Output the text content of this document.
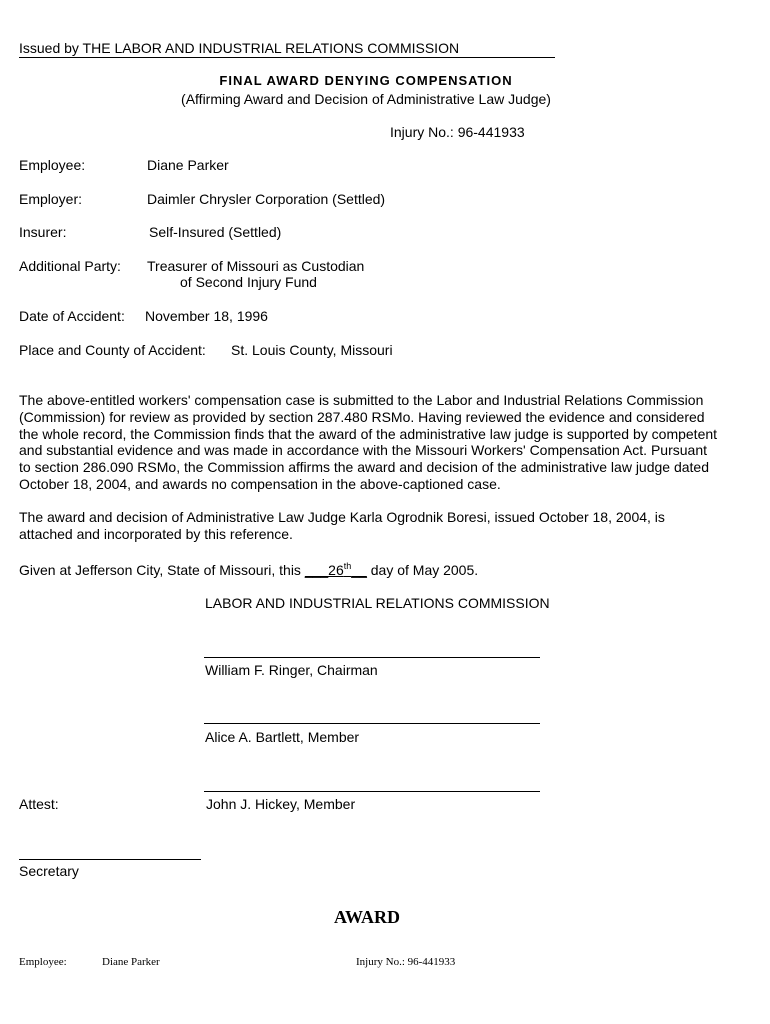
Issued by THE LABOR AND INDUSTRIAL RELATIONS COMMISSION
FINAL AWARD DENYING COMPENSATION
(Affirming Award and Decision of Administrative Law Judge)
Injury No.: 96-441933
Employee:	Diane Parker
Employer:	Daimler Chrysler Corporation (Settled)
Insurer:	Self-Insured (Settled)
Additional Party: Treasurer of Missouri as Custodian
of Second Injury Fund
Date of Accident: November 18, 1996
Place and County of Accident: St. Louis County, Missouri
The above-entitled workers' compensation case is submitted to the Labor and Industrial Relations Commission (Commission) for review as provided by section 287.480 RSMo. Having reviewed the evidence and considered the whole record, the Commission finds that the award of the administrative law judge is supported by competent and substantial evidence and was made in accordance with the Missouri Workers' Compensation Act. Pursuant to section 286.090 RSMo, the Commission affirms the award and decision of the administrative law judge dated October 18, 2004, and awards no compensation in the above-captioned case.
The award and decision of Administrative Law Judge Karla Ogrodnik Boresi, issued October 18, 2004, is attached and incorporated by this reference.
Given at Jefferson City, State of Missouri, this ___26th__ day of May 2005.
LABOR AND INDUSTRIAL RELATIONS COMMISSION
William F. Ringer, Chairman
Alice A. Bartlett, Member
Attest:	John J. Hickey, Member
Secretary
AWARD
Employee:	Diane Parker	Injury No.: 96-441933
